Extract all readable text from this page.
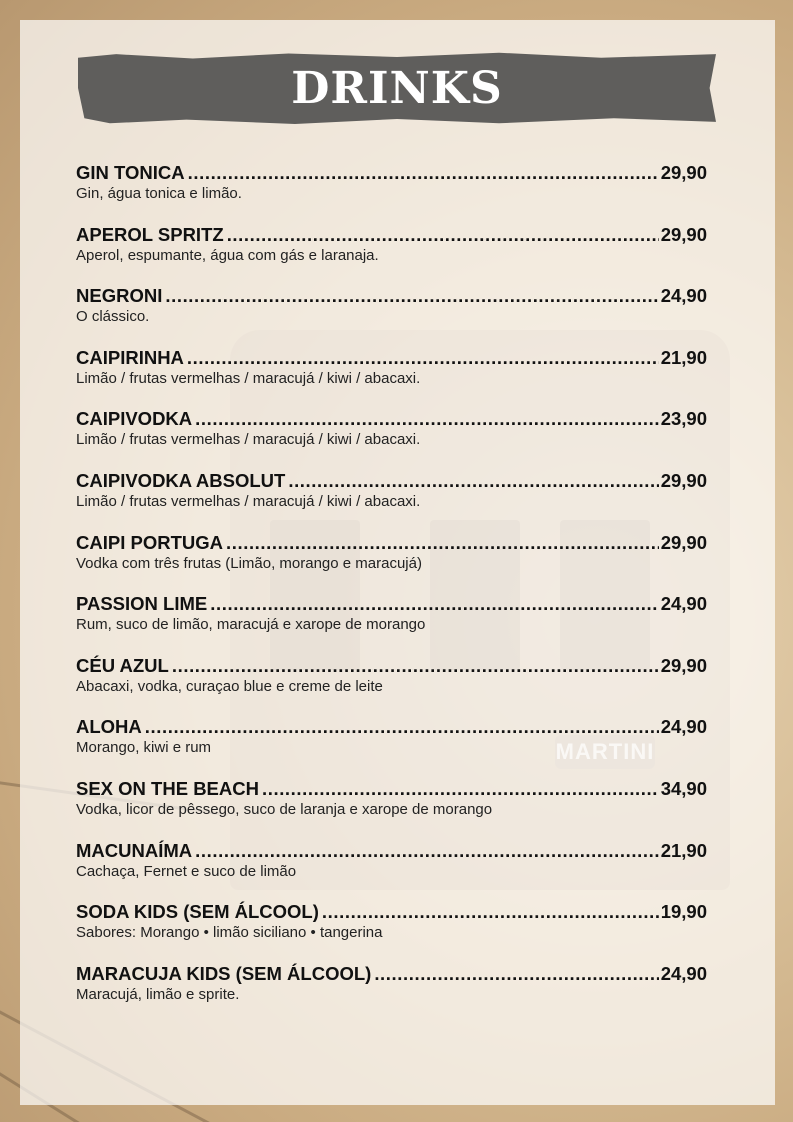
DRINKS
GIN TONICA .....	29,90
Gin, água tonica e limão.
APEROL SPRITZ .....	29,90
Aperol, espumante, água com gás e laranaja.
NEGRONI .....	24,90
O clássico.
CAIPIRINHA .....	21,90
Limão / frutas vermelhas / maracujá / kiwi / abacaxi.
CAIPIVODKA .....	23,90
Limão / frutas vermelhas / maracujá / kiwi / abacaxi.
CAIPIVODKA ABSOLUT .....	29,90
Limão / frutas vermelhas / maracujá / kiwi / abacaxi.
CAIPI PORTUGA .....	29,90
Vodka com três frutas (Limão, morango e maracujá)
PASSION LIME .....	24,90
Rum, suco de limão, maracujá e xarope de morango
CÉU AZUL .....	29,90
Abacaxi, vodka, curaçao blue e creme de leite
ALOHA .....	24,90
Morango, kiwi e rum
SEX ON THE BEACH .....	34,90
Vodka, licor de pêssego, suco de laranja e xarope de morango
MACUNAÍMA .....	21,90
Cachaça, Fernet e suco de limão
SODA KIDS (SEM ÁLCOOL) .....	19,90
Sabores: Morango • limão siciliano • tangerina
MARACUJA KIDS (SEM ÁLCOOL) .....	24,90
Maracujá, limão e sprite.
